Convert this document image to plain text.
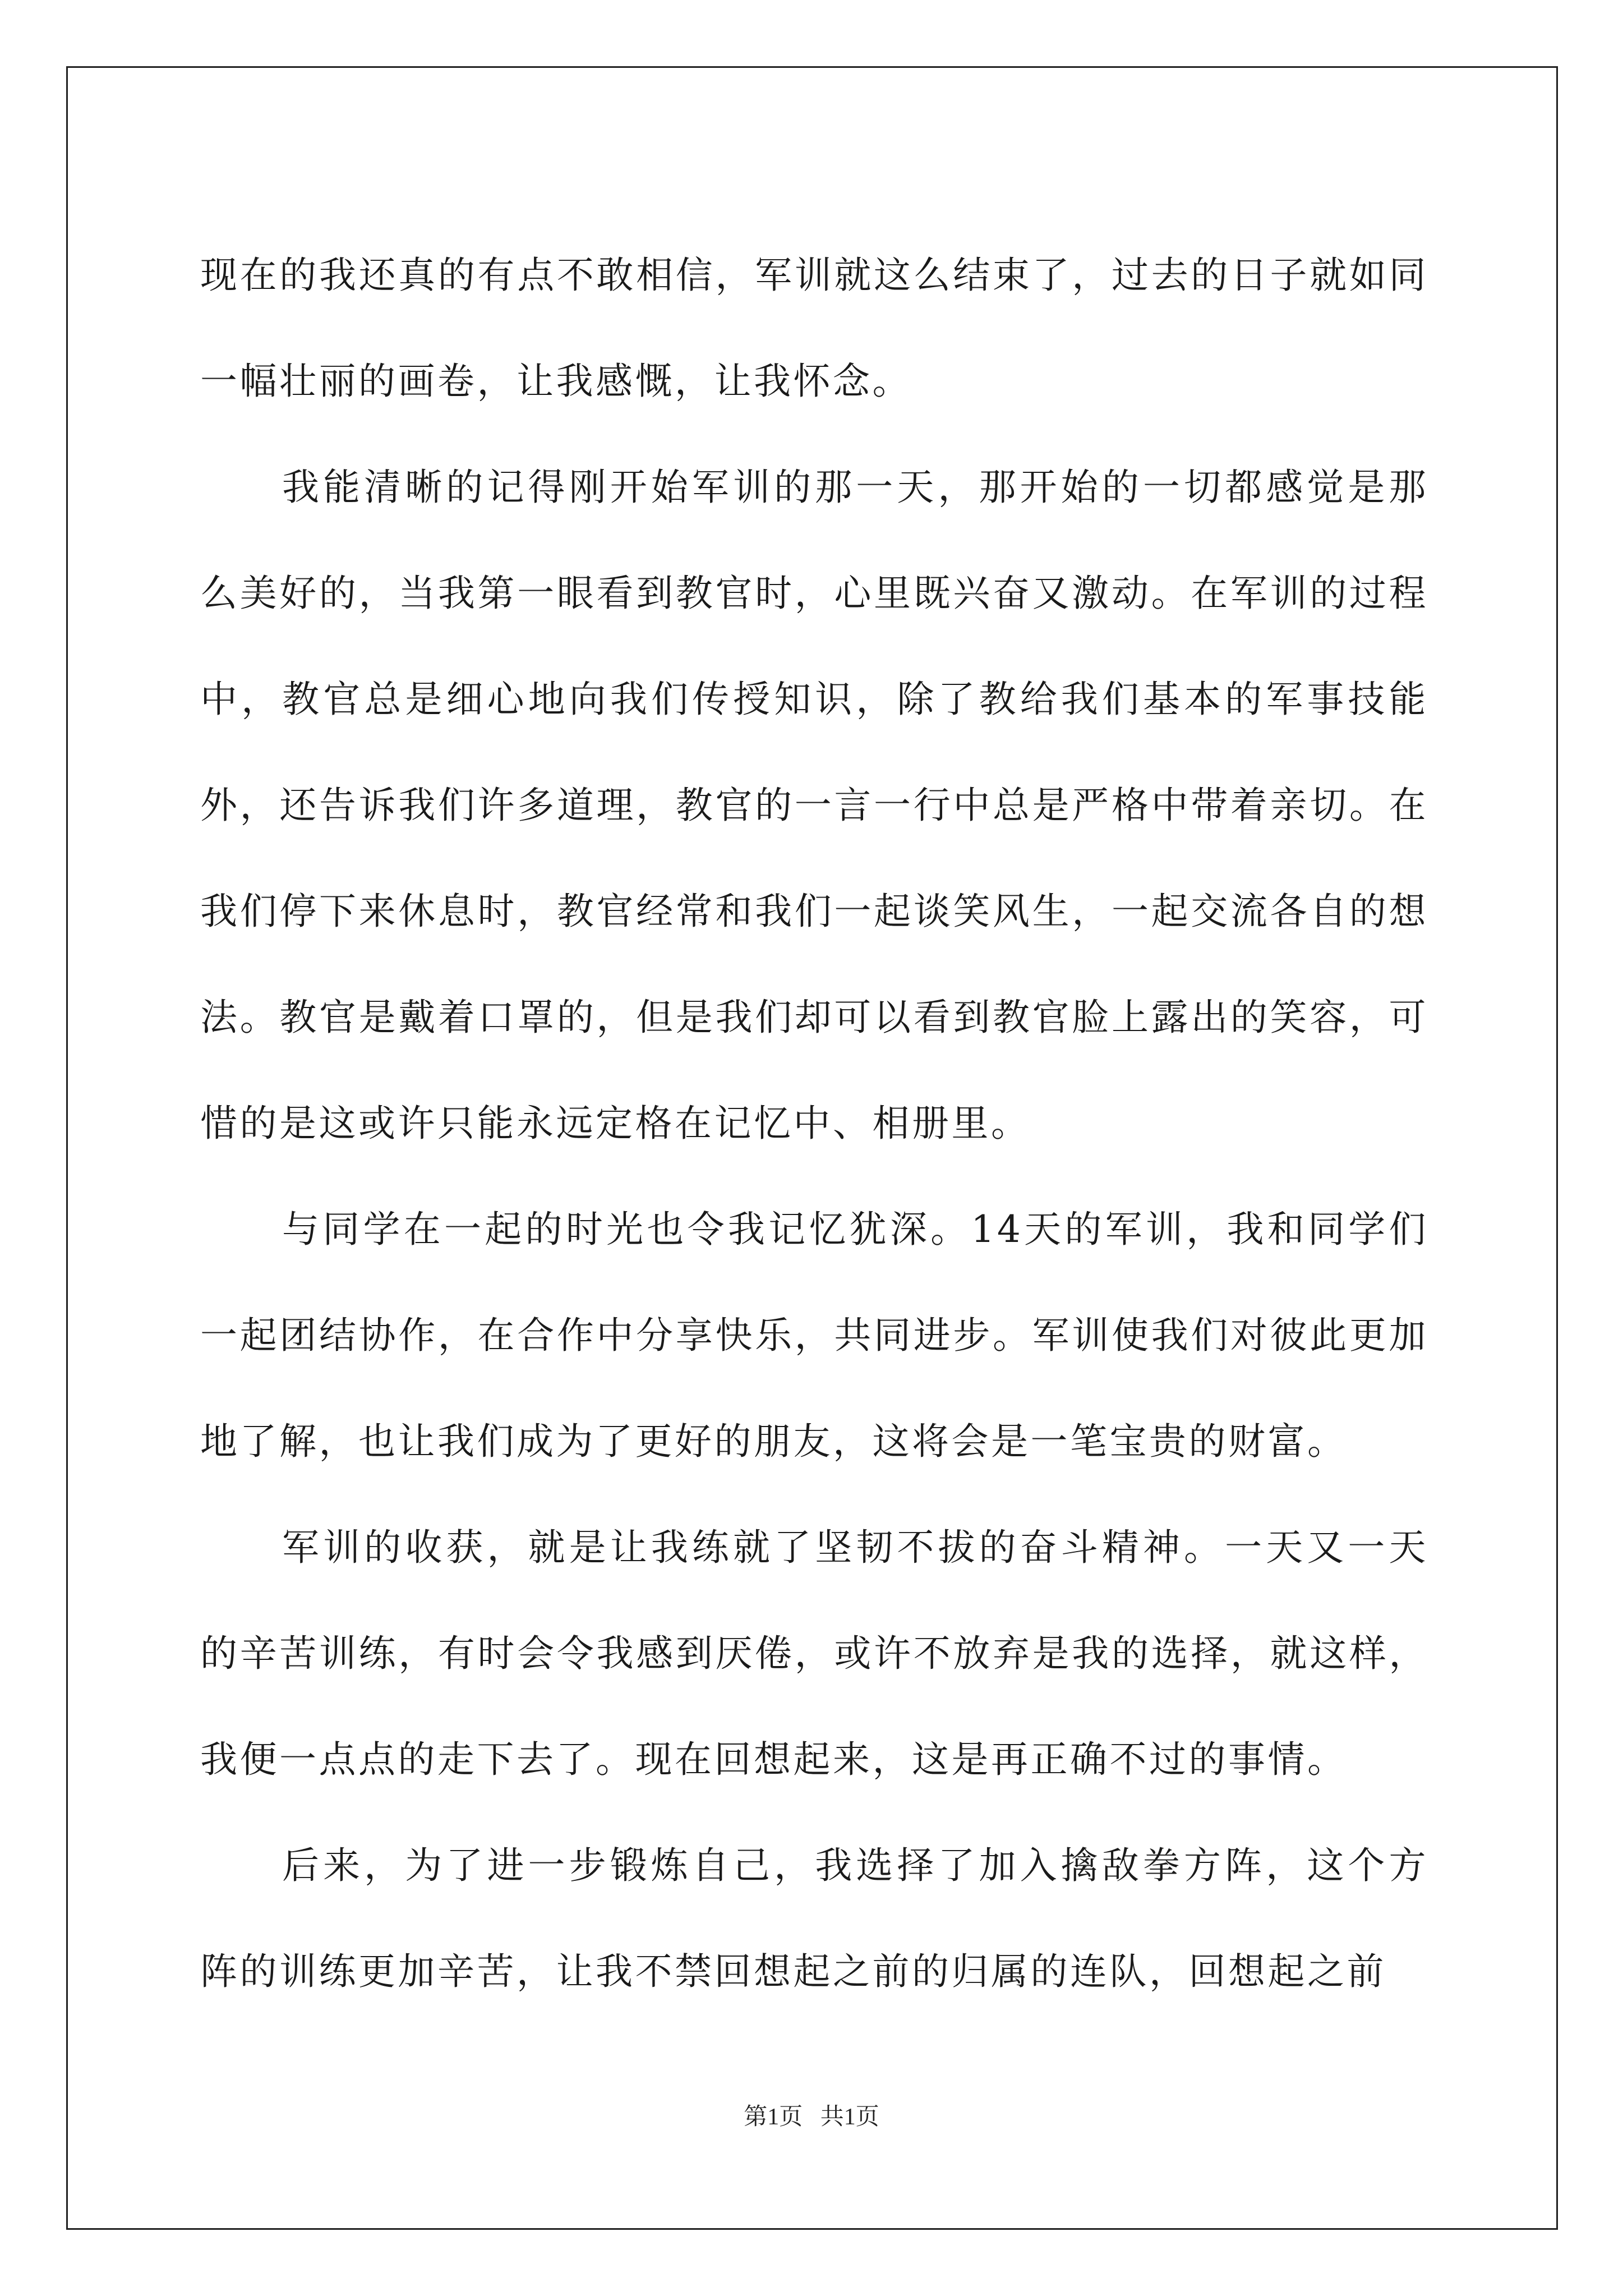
现在的我还真的有点不敢相信，军训就这么结束了，过去的日子就如同一幅壮丽的画卷，让我感慨，让我怀念。

我能清晰的记得刚开始军训的那一天，那开始的一切都感觉是那么美好的，当我第一眼看到教官时，心里既兴奋又激动。在军训的过程中，教官总是细心地向我们传授知识，除了教给我们基本的军事技能外，还告诉我们许多道理，教官的一言一行中总是严格中带着亲切。在我们停下来休息时，教官经常和我们一起谈笑风生，一起交流各自的想法。教官是戴着口罩的，但是我们却可以看到教官脸上露出的笑容，可惜的是这或许只能永远定格在记忆中、相册里。

与同学在一起的时光也令我记忆犹深。14天的军训，我和同学们一起团结协作，在合作中分享快乐，共同进步。军训使我们对彼此更加地了解，也让我们成为了更好的朋友，这将会是一笔宝贵的财富。

军训的收获，就是让我练就了坚韧不拔的奋斗精神。一天又一天的辛苦训练，有时会令我感到厌倦，或许不放弃是我的选择，就这样，我便一点点的走下去了。现在回想起来，这是再正确不过的事情。

后来，为了进一步锻炼自己，我选择了加入擒敌拳方阵，这个方阵的训练更加辛苦，让我不禁回想起之前的归属的连队，回想起之前

第1页   共1页
